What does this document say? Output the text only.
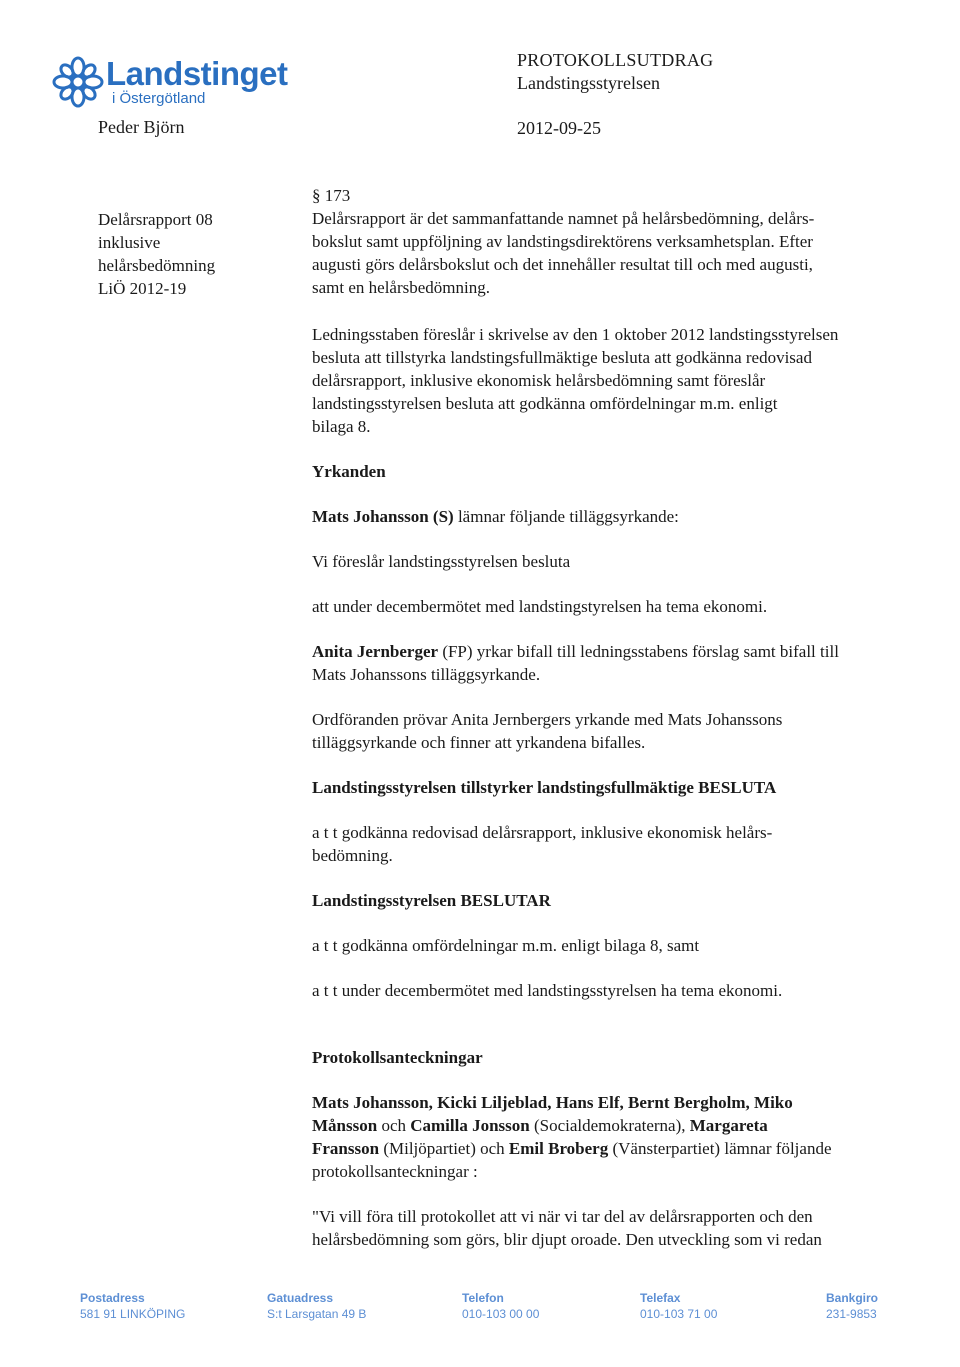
Landstinget
i Östergötland
Peder Björn
PROTOKOLLSUTDRAG
Landstingsstyrelsen
2012-09-25
Delårsrapport 08
inklusive
helårsbedömning
LiÖ 2012-19

§ 173

Delårsrapport är det sammanfattande namnet på helårsbedömning, delårs-

bokslut samt uppföljning av landstingsdirektörens verksamhetsplan. Efter

augusti görs delårsbokslut och det innehåller resultat till och med augusti,

samt en helårsbedömning.

Ledningsstaben föreslår i skrivelse av den 1 oktober 2012 landstingsstyrelsen

besluta att tillstyrka landstingsfullmäktige besluta att godkänna redovisad

delårsrapport, inklusive ekonomisk helårsbedömning samt föreslår

landstingsstyrelsen besluta att godkänna omfördelningar m.m. enligt

bilaga 8.

Yrkanden

Mats Johansson (S) lämnar följande tilläggsyrkande:

Vi föreslår landstingsstyrelsen besluta

att under decembermötet med landstingstyrelsen ha tema ekonomi.

Anita Jernberger (FP) yrkar bifall till ledningsstabens förslag samt bifall till

Mats Johanssons tilläggsyrkande.

Ordföranden prövar Anita Jernbergers yrkande med Mats Johanssons

tilläggsyrkande och finner att yrkandena bifalles.

Landstingsstyrelsen tillstyrker landstingsfullmäktige BESLUTA

a t t godkänna redovisad delårsrapport, inklusive ekonomisk helårs-

bedömning.

Landstingsstyrelsen BESLUTAR

a t t godkänna omfördelningar m.m. enligt bilaga 8, samt

a t t under decembermötet med landstingsstyrelsen ha tema ekonomi.

Protokollsanteckningar

Mats Johansson, Kicki Liljeblad, Hans Elf, Bernt Bergholm, Miko

Månsson och Camilla Jonsson (Socialdemokraterna), Margareta

Fransson (Miljöpartiet) och Emil Broberg (Vänsterpartiet) lämnar följande

protokollsanteckningar :

"Vi vill föra till protokollet att vi när vi tar del av delårsrapporten och den

helårsbedömning som görs, blir djupt oroade. Den utveckling som vi redan

Postadress
581 91 LINKÖPING
Gatuadress
S:t Larsgatan 49 B
Telefon
010-103 00 00
Telefax
010-103 71 00
Bankgiro
231-9853
